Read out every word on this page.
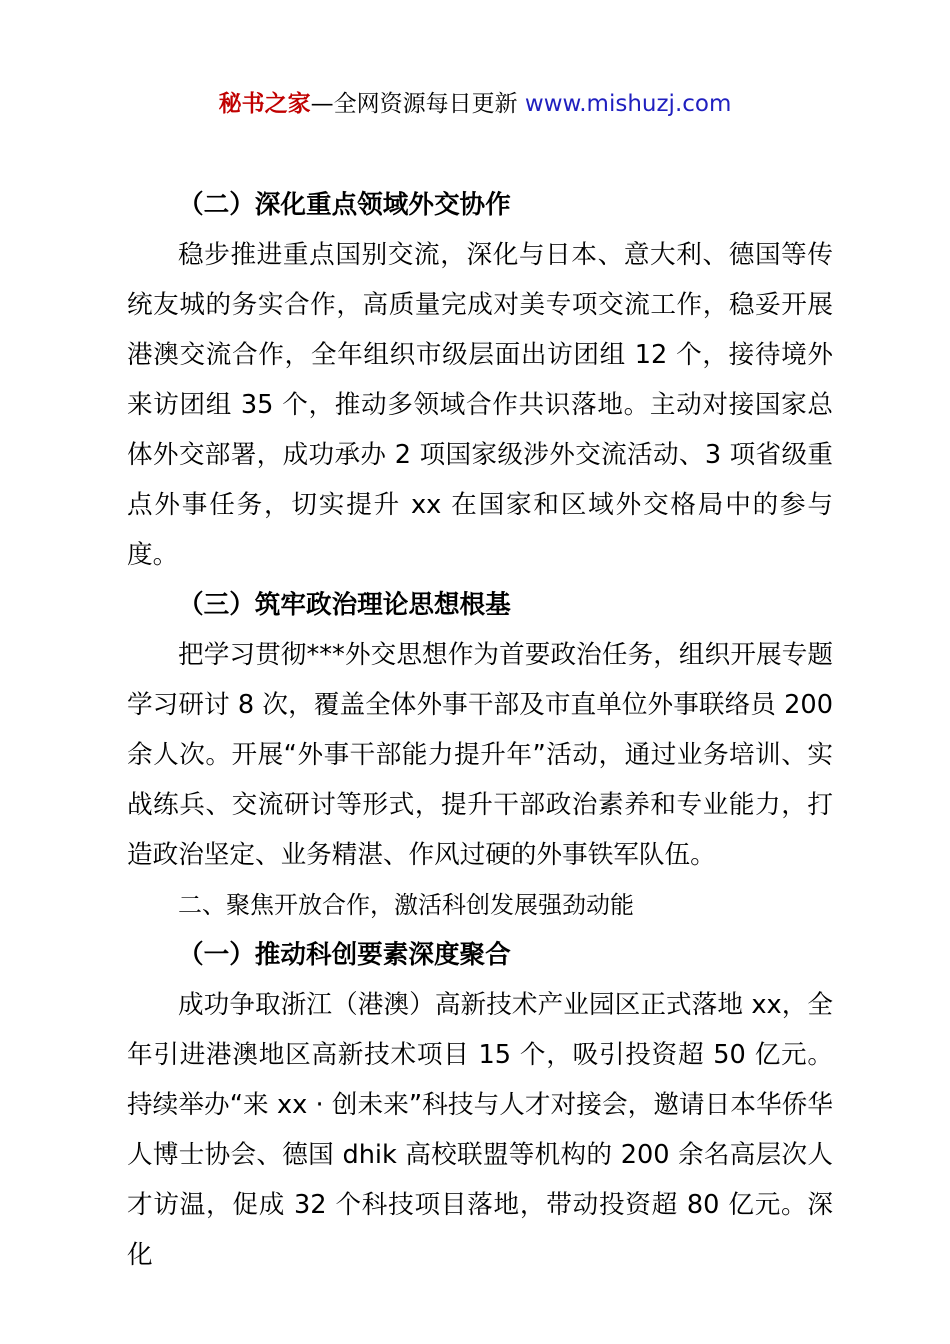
秘书之家—全网资源每日更新 www.mishuzj.com

（二）深化重点领域外交协作

稳步推进重点国别交流，深化与日本、意大利、德国等传统友城的务实合作，高质量完成对美专项交流工作，稳妥开展港澳交流合作，全年组织市级层面出访团组 12 个，接待境外来访团组 35 个，推动多领域合作共识落地。主动对接国家总体外交部署，成功承办 2 项国家级涉外交流活动、3 项省级重点外事任务，切实提升 xx 在国家和区域外交格局中的参与度。

（三）筑牢政治理论思想根基

把学习贯彻***外交思想作为首要政治任务，组织开展专题学习研讨 8 次，覆盖全体外事干部及市直单位外事联络员 200 余人次。开展“外事干部能力提升年”活动，通过业务培训、实战练兵、交流研讨等形式，提升干部政治素养和专业能力，打造政治坚定、业务精湛、作风过硬的外事铁军队伍。

二、聚焦开放合作，激活科创发展强劲动能

（一）推动科创要素深度聚合

成功争取浙江（港澳）高新技术产业园区正式落地 xx，全年引进港澳地区高新技术项目 15 个，吸引投资超 50 亿元。持续举办“来 xx · 创未来”科技与人才对接会，邀请日本华侨华人博士协会、德国 dhik 高校联盟等机构的 200 余名高层次人才访温，促成 32 个科技项目落地，带动投资超 80 亿元。深化
